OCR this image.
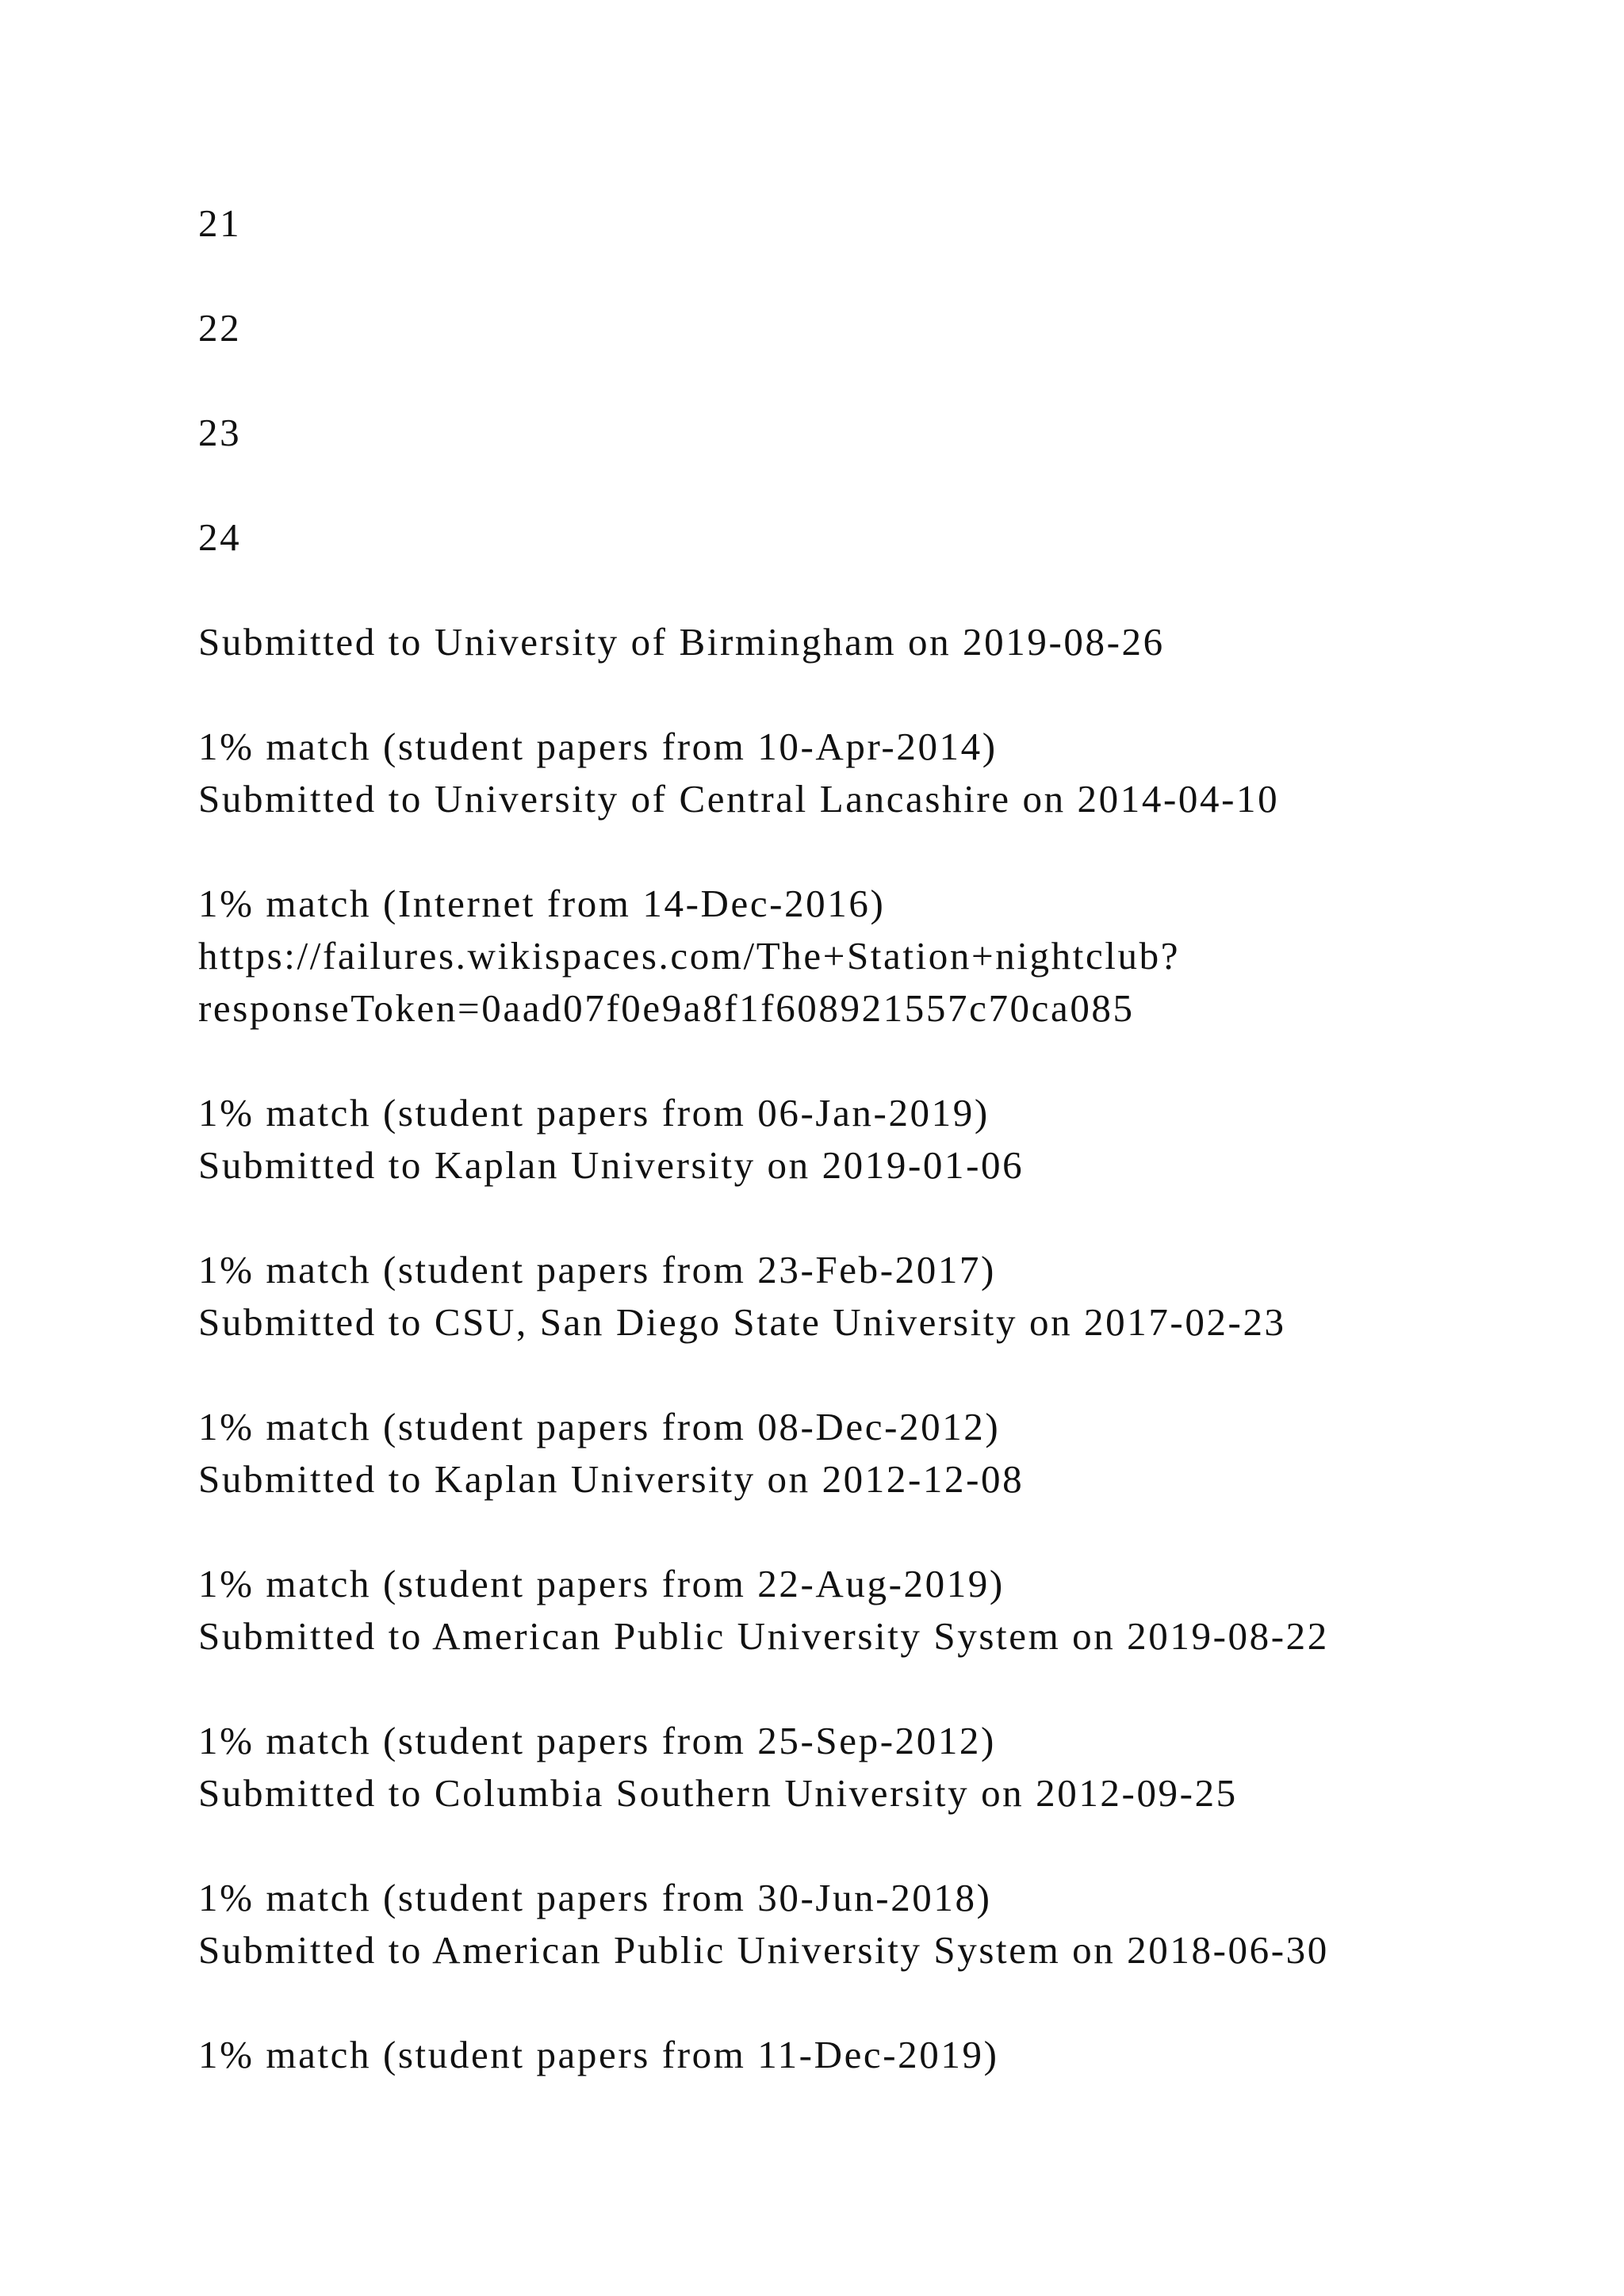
21
22
23
24
Submitted to University of Birmingham on 2019-08-26
1% match (student papers from 10-Apr-2014)
Submitted to University of Central Lancashire on 2014-04-10
1% match (Internet from 14-Dec-2016)
https://failures.wikispaces.com/The+Station+nightclub?
responseToken=0aad07f0e9a8f1f608921557c70ca085
1% match (student papers from 06-Jan-2019)
Submitted to Kaplan University on 2019-01-06
1% match (student papers from 23-Feb-2017)
Submitted to CSU, San Diego State University on 2017-02-23
1% match (student papers from 08-Dec-2012)
Submitted to Kaplan University on 2012-12-08
1% match (student papers from 22-Aug-2019)
Submitted to American Public University System on 2019-08-22
1% match (student papers from 25-Sep-2012)
Submitted to Columbia Southern University on 2012-09-25
1% match (student papers from 30-Jun-2018)
Submitted to American Public University System on 2018-06-30
1% match (student papers from 11-Dec-2019)
